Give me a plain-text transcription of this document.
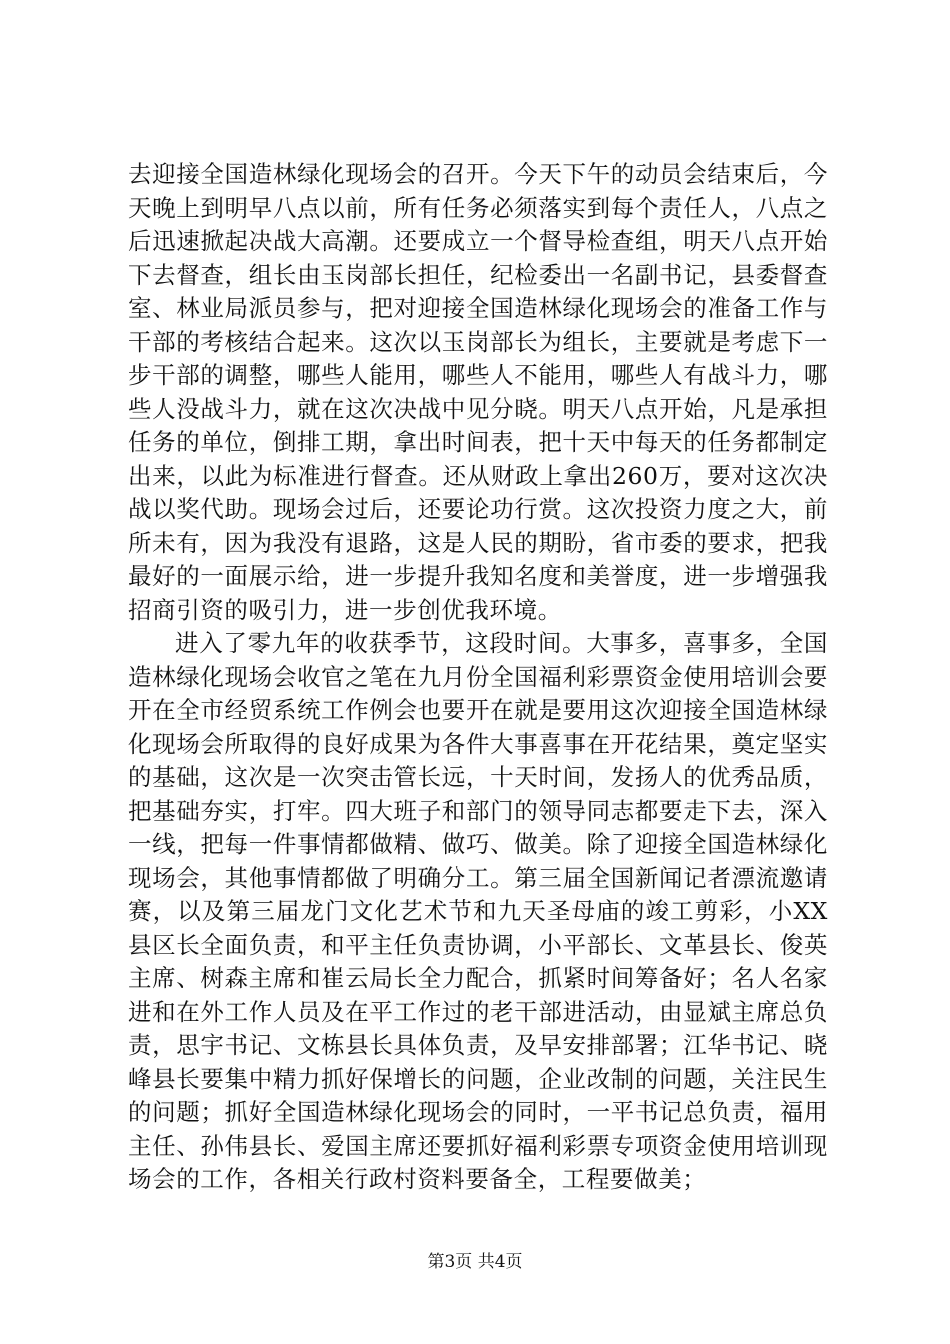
去迎接全国造林绿化现场会的召开。今天下午的动员会结束后，今天晚上到明早八点以前，所有任务必须落实到每个责任人，八点之后迅速掀起决战大高潮。还要成立一个督导检查组，明天八点开始下去督查，组长由玉岗部长担任，纪检委出一名副书记，县委督查室、林业局派员参与，把对迎接全国造林绿化现场会的准备工作与干部的考核结合起来。这次以玉岗部长为组长，主要就是考虑下一步干部的调整，哪些人能用，哪些人不能用，哪些人有战斗力，哪些人没战斗力，就在这次决战中见分晓。明天八点开始，凡是承担任务的单位，倒排工期，拿出时间表，把十天中每天的任务都制定出来，以此为标准进行督查。还从财政上拿出260万，要对这次决战以奖代助。现场会过后，还要论功行赏。这次投资力度之大，前所未有，因为我没有退路，这是人民的期盼，省市委的要求，把我最好的一面展示给，进一步提升我知名度和美誉度，进一步增强我招商引资的吸引力，进一步创优我环境。

进入了零九年的收获季节，这段时间。大事多，喜事多，全国造林绿化现场会收官之笔在九月份全国福利彩票资金使用培训会要开在全市经贸系统工作例会也要开在就是要用这次迎接全国造林绿化现场会所取得的良好成果为各件大事喜事在开花结果，奠定坚实的基础，这次是一次突击管长远，十天时间，发扬人的优秀品质，把基础夯实，打牢。四大班子和部门的领导同志都要走下去，深入一线，把每一件事情都做精、做巧、做美。除了迎接全国造林绿化现场会，其他事情都做了明确分工。第三届全国新闻记者漂流邀请赛，以及第三届龙门文化艺术节和九天圣母庙的竣工剪彩，小XX县区长全面负责，和平主任负责协调，小平部长、文革县长、俊英主席、树森主席和崔云局长全力配合，抓紧时间筹备好；名人名家进和在外工作人员及在平工作过的老干部进活动，由显斌主席总负责，思宇书记、文栋县长具体负责，及早安排部署；江华书记、晓峰县长要集中精力抓好保增长的问题，企业改制的问题，关注民生的问题；抓好全国造林绿化现场会的同时，一平书记总负责，福用主任、孙伟县长、爱国主席还要抓好福利彩票专项资金使用培训现场会的工作，各相关行政村资料要备全，工程要做美；

第3页 共4页
